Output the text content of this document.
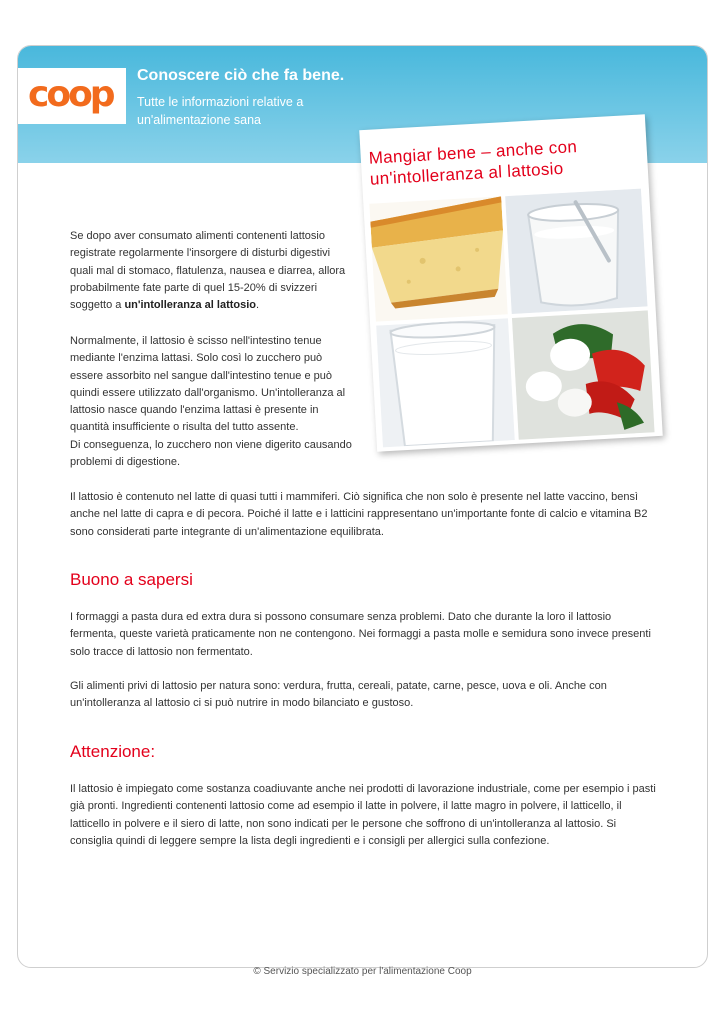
coop Conoscere ciò che fa bene.
Tutte le informazioni relative a un'alimentazione sana
Mangiar bene – anche con un'intolleranza al lattosio

Se dopo aver consumato alimenti contenenti lattosio registrate regolarmente l'insorgere di disturbi digestivi quali mal di stomaco, flatulenza, nausea e diarrea, allora probabilmente fate parte di quel 15-20% di svizzeri soggetto a un'intolleranza al lattosio.

Normalmente, il lattosio è scisso nell'intestino tenue mediante l'enzima lattasi. Solo così lo zucchero può essere assorbito nel sangue dall'intestino tenue e può quindi essere utilizzato dall'organismo. Un'intolleranza al lattosio nasce quando l'enzima lattasi è presente in quantità insufficiente o risulta del tutto assente.

Di conseguenza, lo zucchero non viene digerito causando problemi di digestione.

Il lattosio è contenuto nel latte di quasi tutti i mammiferi. Ciò significa che non solo è presente nel latte vaccino, bensì anche nel latte di capra e di pecora. Poiché il latte e i latticini rappresentano un'importante fonte di calcio e vitamina B2 sono considerati parte integrante di un'alimentazione equilibrata.

Buono a sapersi

I formaggi a pasta dura ed extra dura si possono consumare senza problemi. Dato che durante la loro il lattosio fermenta, queste varietà praticamente non ne contengono. Nei formaggi a pasta molle e semidura sono invece presenti solo tracce di lattosio non fermentato.

Gli alimenti privi di lattosio per natura sono: verdura, frutta, cereali, patate, carne, pesce, uova e oli. Anche con un'intolleranza al lattosio ci si può nutrire in modo bilanciato e gustoso.

Attenzione:

Il lattosio è impiegato come sostanza coadiuvante anche nei prodotti di lavorazione industriale, come per esempio i pasti già pronti. Ingredienti contenenti lattosio come ad esempio il latte in polvere, il latte magro in polvere, il latticello, il latticello in polvere e il siero di latte, non sono indicati per le persone che soffrono di un'intolleranza al lattosio. Si consiglia quindi di leggere sempre la lista degli ingredienti e i consigli per allergici sulla confezione.

© Servizio specializzato per l'alimentazione Coop
